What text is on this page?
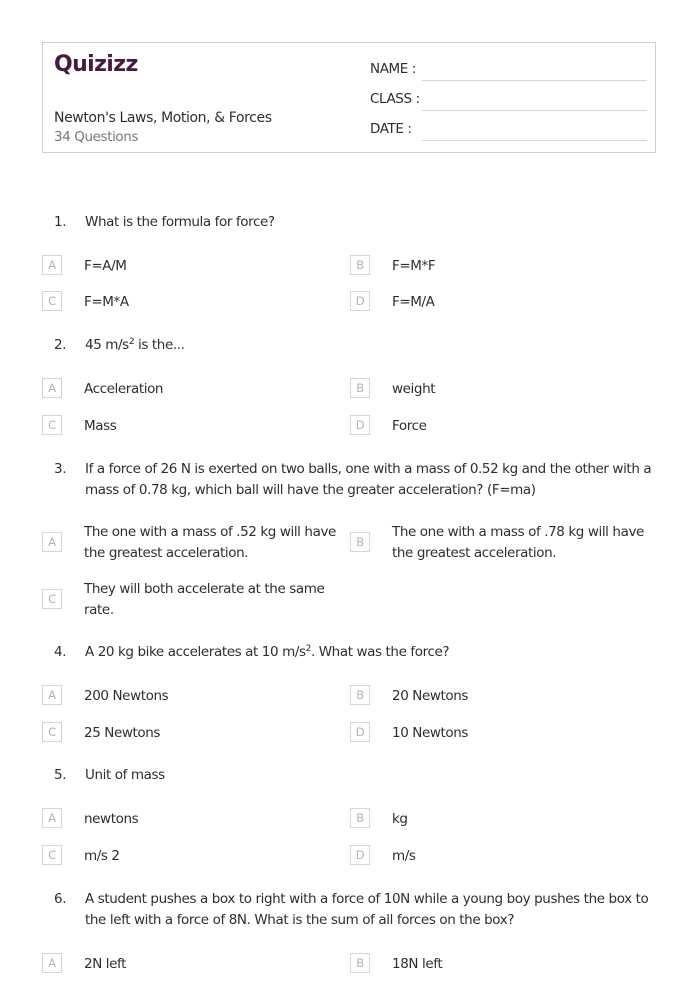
Quizizz
Newton's Laws, Motion, & Forces
34 Questions
NAME :
CLASS :
DATE :
1.	What is the formula for force?
A	F=A/M	B	F=M*F
C	F=M*A	D	F=M/A
2.	45 $m/s^2$ is the...
A	Acceleration	B	weight
C	Mass	D	Force
3.	If a force of 26 N is exerted on two balls, one with a mass of 0.52 kg and the other with a mass of 0.78 kg, which ball will have the greater acceleration? (F=ma)
A
The one with a mass of .52 kg will have the greatest acceleration.
B
The one with a mass of .78 kg will have the greatest acceleration.
C
They will both accelerate at the same rate.
4.	A 20 kg bike accelerates at 10 $m/s^2$. What was the force?
A	200 Newtons	B	20 Newtons
C	25 Newtons	D	10 Newtons
5.	Unit of mass
A	newtons	B	kg
C	m/s 2	D	m/s
6.	A student pushes a box to right with a force of 10N while a young boy pushes the box to the left with a force of 8N. What is the sum of all forces on the box?
A	2N left	B	18N left
